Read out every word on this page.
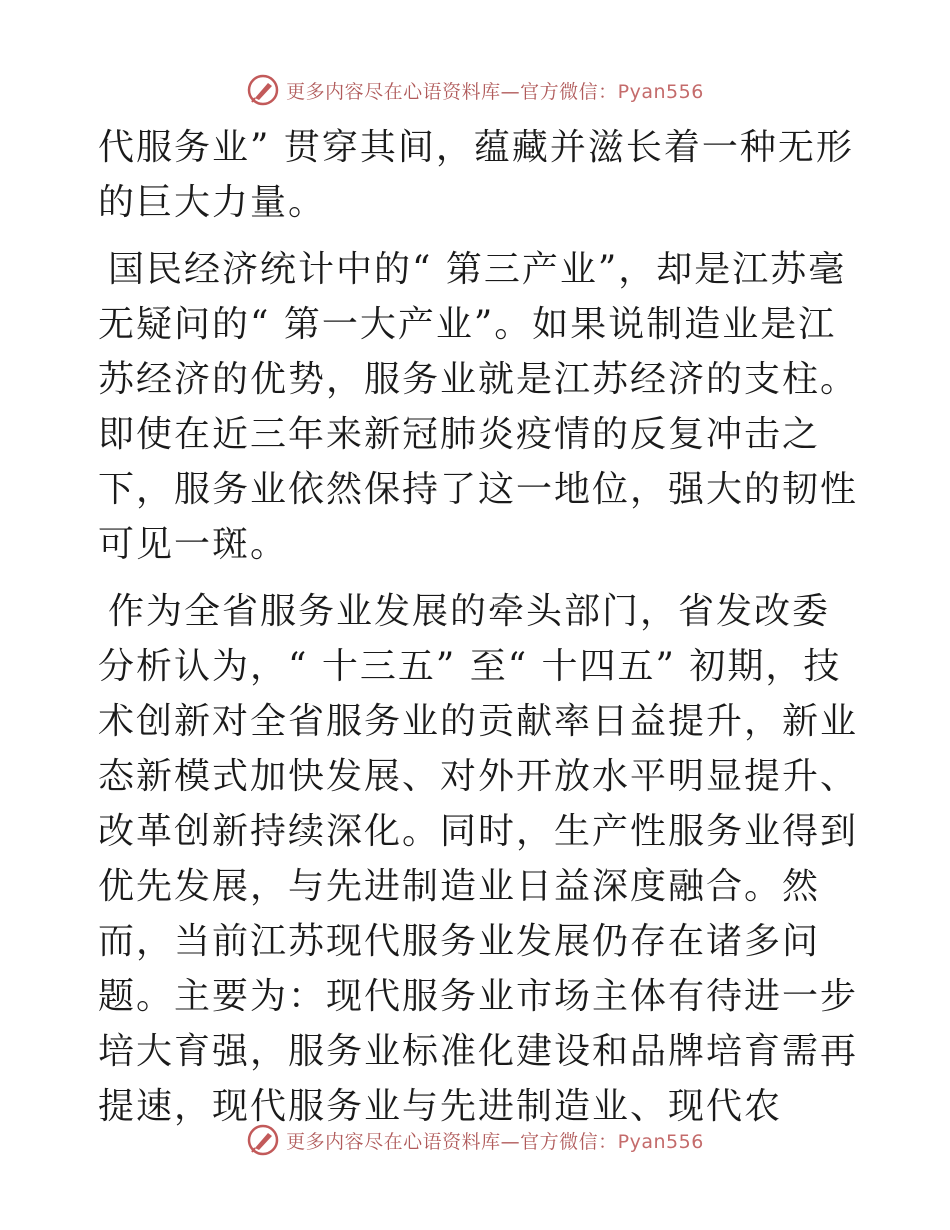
更多内容尽在心语资料库—官方微信：Pyan556

代服务业” 贯穿其间，蕴藏并滋长着一种无形的巨大力量。

国民经济统计中的“ 第三产业”，却是江苏毫无疑问的“ 第一大产业”。如果说制造业是江苏经济的优势，服务业就是江苏经济的支柱。即使在近三年来新冠肺炎疫情的反复冲击之下，服务业依然保持了这一地位，强大的韧性可见一斑。

作为全省服务业发展的牵头部门，省发改委分析认为，“ 十三五” 至“ 十四五” 初期，技术创新对全省服务业的贡献率日益提升，新业态新模式加快发展、对外开放水平明显提升、改革创新持续深化。同时，生产性服务业得到优先发展，与先进制造业日益深度融合。然而，当前江苏现代服务业发展仍存在诸多问题。主要为：现代服务业市场主体有待进一步培大育强，服务业标准化建设和品牌培育需再提速，现代服务业与先进制造业、现代农

更多内容尽在心语资料库—官方微信：Pyan556
